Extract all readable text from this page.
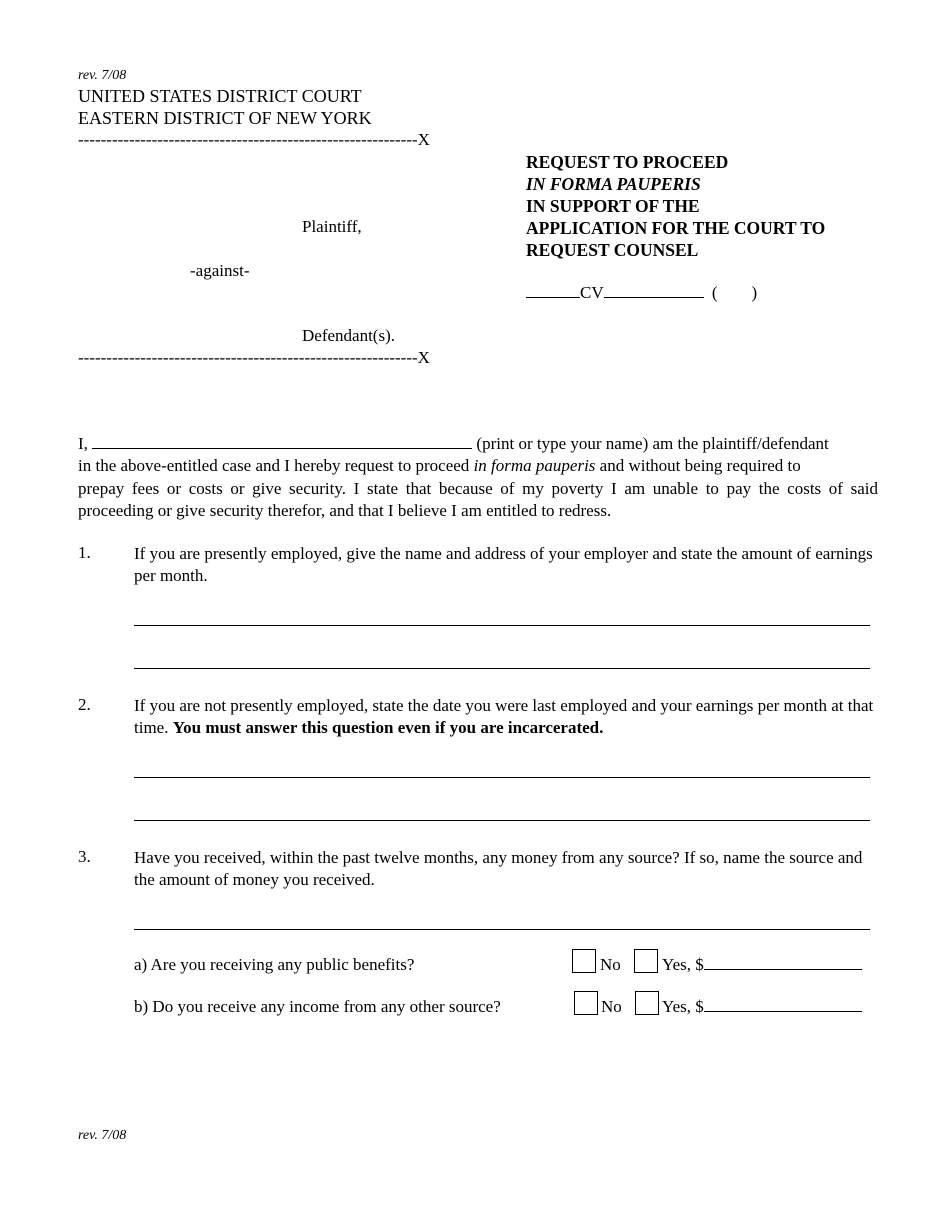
rev. 7/08
UNITED STATES DISTRICT COURT
EASTERN DISTRICT OF NEW YORK
------------------------------------------------------------X
Plaintiff,
-against-
Defendant(s).
------------------------------------------------------------X
REQUEST TO PROCEED
IN FORMA PAUPERIS
IN SUPPORT OF THE
APPLICATION FOR THE COURT TO
REQUEST COUNSEL
CV	( )
I,	(print or type your name) am the plaintiff/defendant
in the above-entitled case and I hereby request to proceed in forma pauperis and without being required to
prepay fees or costs or give security. I state that because of my poverty I am unable to pay the costs of said proceeding or give security therefor, and that I believe I am entitled to redress.
1.	If you are presently employed, give the name and address of your employer and state the amount of earnings per month.
2.	If you are not presently employed, state the date you were last employed and your earnings per month at that time. You must answer this question even if you are incarcerated.
3.	Have you received, within the past twelve months, any money from any source? If so, name the source and the amount of money you received.
a) Are you receiving any public benefits?	No Yes, $
b) Do you receive any income from any other source?	No Yes, $
rev. 7/08
